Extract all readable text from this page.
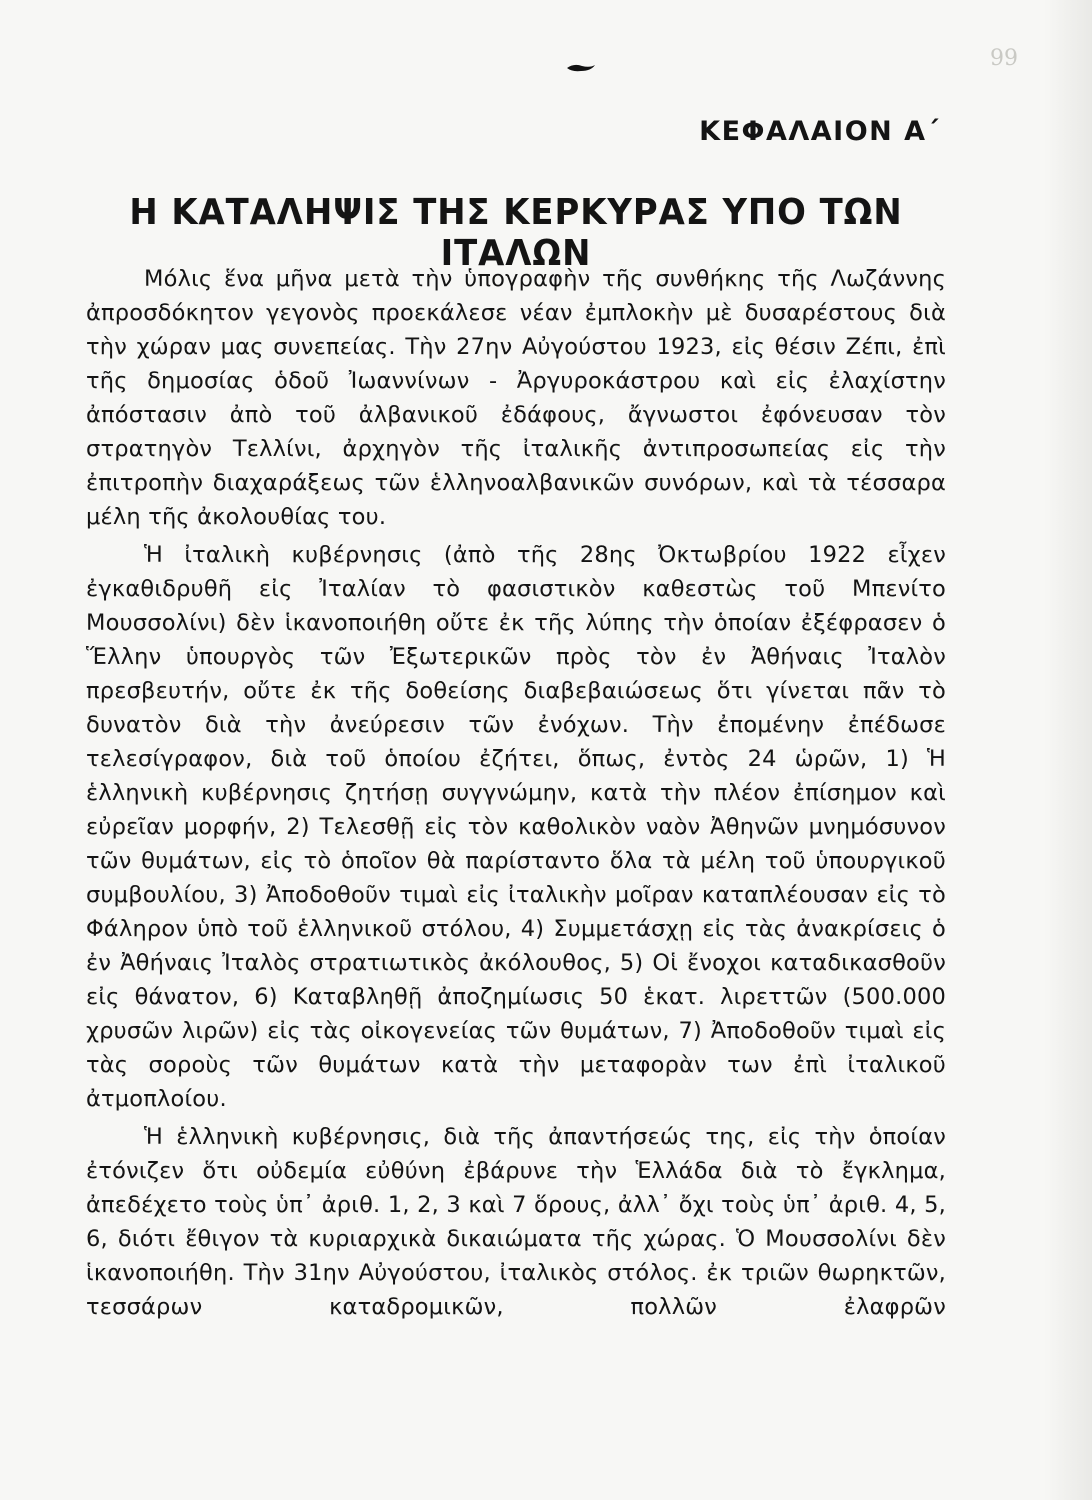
99
ΚΕΦΑΛΑΙΟΝ Α΄
Η ΚΑΤΑΛΗΨΙΣ ΤΗΣ ΚΕΡΚΥΡΑΣ ΥΠΟ ΤΩΝ ΙΤΑΛΩΝ

Μόλις ἕνα μῆνα μετὰ τὴν ὑπογραφὴν τῆς συνθήκης τῆς Λωζάννης ἀπροσδόκητον γεγονὸς προεκάλεσε νέαν ἐμπλοκὴν μὲ δυσαρέστους διὰ τὴν χώραν μας συνεπείας. Τὴν 27ην Αὐγούστου 1923, εἰς θέσιν Ζέπι, ἐπὶ τῆς δημοσίας ὁδοῦ Ἰωαννίνων - Ἀργυροκάστρου καὶ εἰς ἐλαχίστην ἀπόστασιν ἀπὸ τοῦ ἀλβανικοῦ ἐδάφους, ἄγνωστοι ἐφόνευσαν τὸν στρατηγὸν Τελλίνι, ἀρχηγὸν τῆς ἰταλικῆς ἀντιπροσωπείας εἰς τὴν ἐπιτροπὴν διαχαράξεως τῶν ἑλληνοαλβανικῶν συνόρων, καὶ τὰ τέσσαρα μέλη τῆς ἀκολουθίας του.

Ἡ ἰταλικὴ κυβέρνησις (ἀπὸ τῆς 28ης Ὀκτωβρίου 1922 εἶχεν ἐγκαθιδρυθῆ εἰς Ἰταλίαν τὸ φασιστικὸν καθεστὼς τοῦ Μπενίτο Μουσσολίνι) δὲν ἱκανοποιήθη οὔτε ἐκ τῆς λύπης τὴν ὁποίαν ἐξέφρασεν ὁ Ἕλλην ὑπουργὸς τῶν Ἐξωτερικῶν πρὸς τὸν ἐν Ἀθήναις Ἰταλὸν πρεσβευτήν, οὔτε ἐκ τῆς δοθείσης διαβεβαιώσεως ὅτι γίνεται πᾶν τὸ δυνατὸν διὰ τὴν ἀνεύρεσιν τῶν ἐνόχων. Τὴν ἐπομένην ἐπέδωσε τελεσίγραφον, διὰ τοῦ ὁποίου ἐζήτει, ὅπως, ἐντὸς 24 ὡρῶν, 1) Ἡ ἑλληνικὴ κυβέρνησις ζητήσῃ συγγνώμην, κατὰ τὴν πλέον ἐπίσημον καὶ εὐρεῖαν μορφήν, 2) Τελεσθῇ εἰς τὸν καθολικὸν ναὸν Ἀθηνῶν μνημόσυνον τῶν θυμάτων, εἰς τὸ ὁποῖον θὰ παρίσταντο ὅλα τὰ μέλη τοῦ ὑπουργικοῦ συμβουλίου, 3) Ἀποδοθοῦν τιμαὶ εἰς ἰταλικὴν μοῖραν καταπλέουσαν εἰς τὸ Φάληρον ὑπὸ τοῦ ἑλληνικοῦ στόλου, 4) Συμμετάσχῃ εἰς τὰς ἀνακρίσεις ὁ ἐν Ἀθήναις Ἰταλὸς στρατιωτικὸς ἀκόλουθος, 5) Οἱ ἔνοχοι καταδικασθοῦν εἰς θάνατον, 6) Καταβληθῇ ἀποζημίωσις 50 ἑκατ. λιρεττῶν (500.000 χρυσῶν λιρῶν) εἰς τὰς οἰκογενείας τῶν θυμάτων, 7) Ἀποδοθοῦν τιμαὶ εἰς τὰς σοροὺς τῶν θυμάτων κατὰ τὴν μεταφορὰν των ἐπὶ ἰταλικοῦ ἀτμοπλοίου.

Ἡ ἑλληνικὴ κυβέρνησις, διὰ τῆς ἀπαντήσεώς της, εἰς τὴν ὁποίαν ἐτόνιζεν ὅτι οὐδεμία εὐθύνη ἐβάρυνε τὴν Ἑλλάδα διὰ τὸ ἔγκλημα, ἀπεδέχετο τοὺς ὑπ᾽ ἀριθ. 1, 2, 3 καὶ 7 ὅρους, ἀλλ᾽ ὄχι τοὺς ὑπ᾽ ἀριθ. 4, 5, 6, διότι ἔθιγον τὰ κυριαρχικὰ δικαιώματα τῆς χώρας. Ὁ Μουσσολίνι δὲν ἱκανοποιήθη. Τὴν 31ην Αὐγούστου, ἰταλικὸς στόλος. ἐκ τριῶν θωρηκτῶν, τεσσάρων καταδρομικῶν, πολλῶν ἐλαφρῶν
